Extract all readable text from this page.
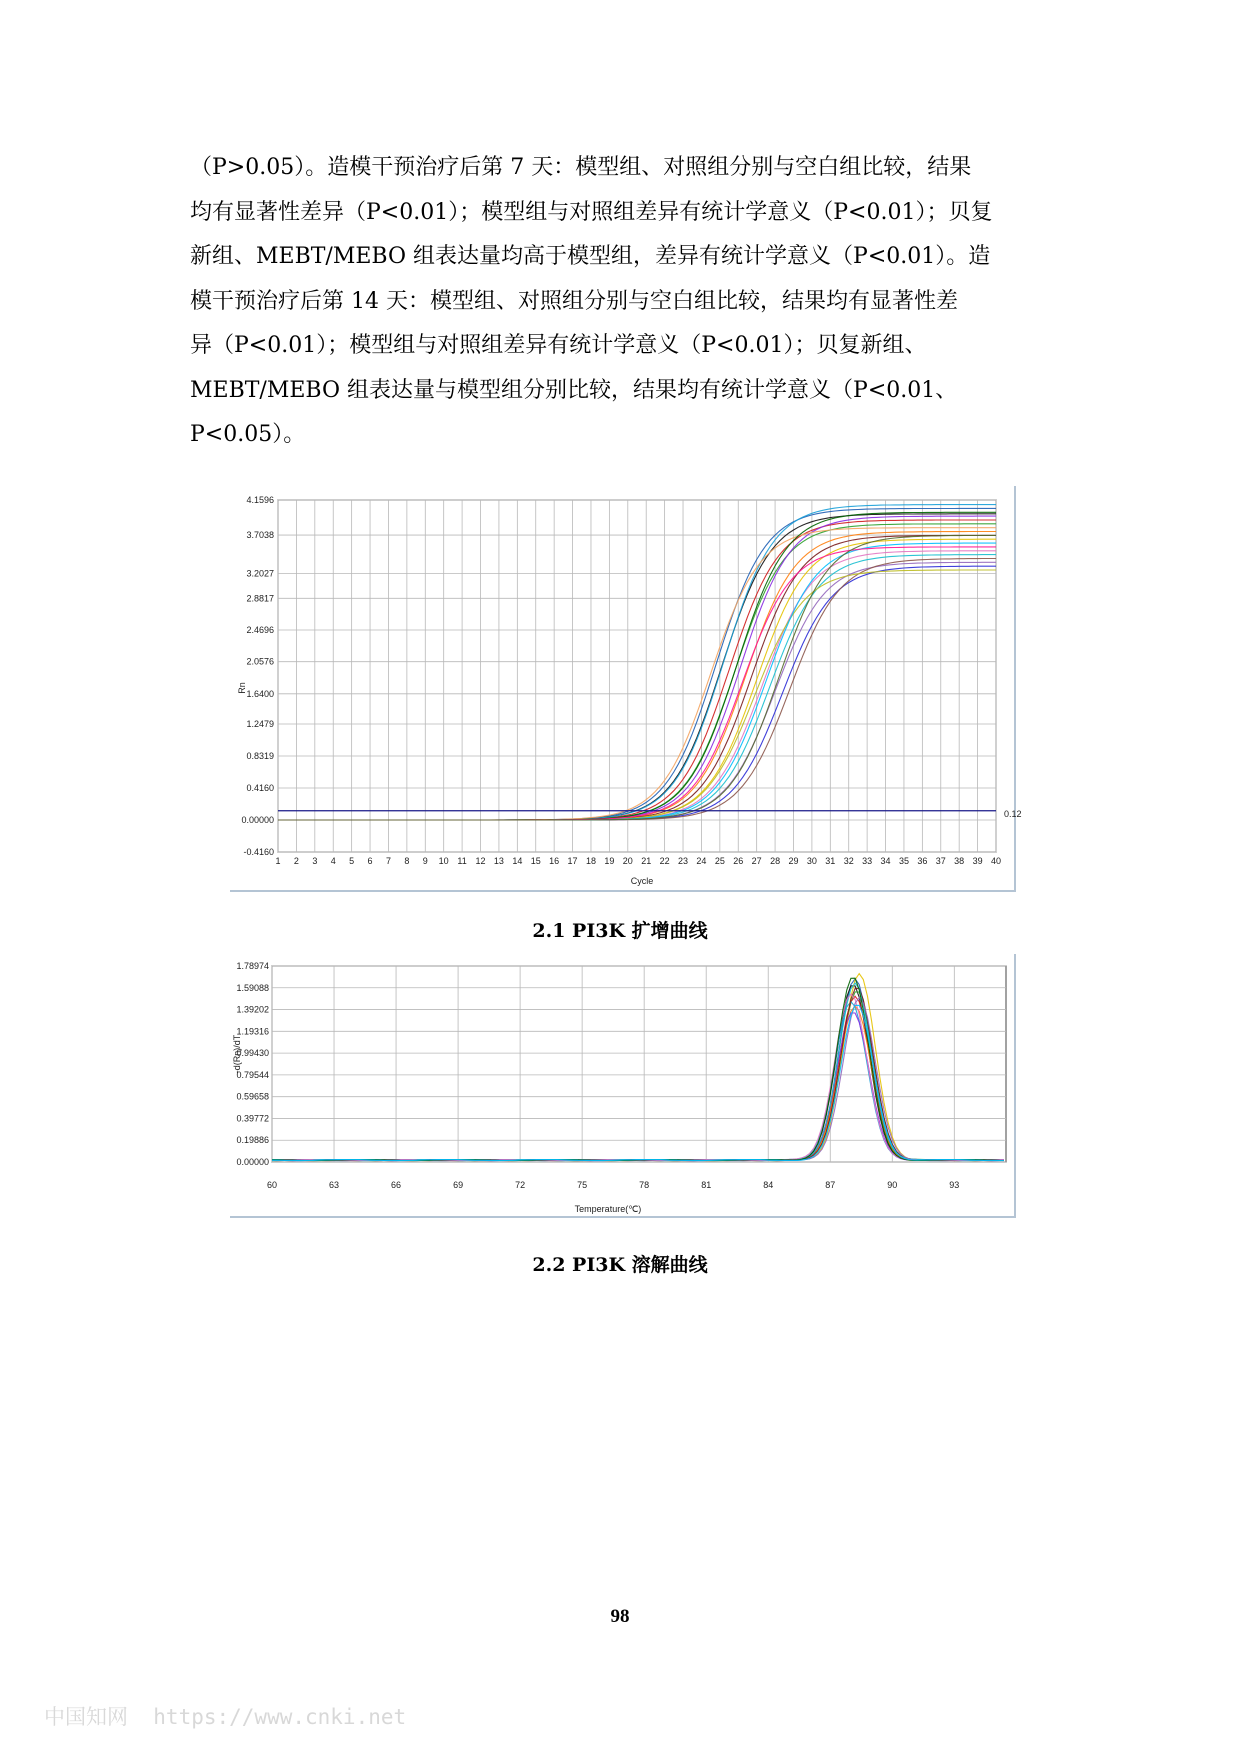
（P>0.05）。造模干预治疗后第 7 天：模型组、对照组分别与空白组比较，结果
均有显著性差异（P<0.01）；模型组与对照组差异有统计学意义（P<0.01）；贝复
新组、MEBT/MEBO 组表达量均高于模型组，差异有统计学意义（P<0.01）。造
模干预治疗后第 14 天：模型组、对照组分别与空白组比较，结果均有显著性差
异（P<0.01）；模型组与对照组差异有统计学意义（P<0.01）；贝复新组、
MEBT/MEBO 组表达量与模型组分别比较，结果均有统计学意义（P<0.01、
P<0.05）。

1 2 3 4 5 6 7 8 9 10 11 12 13 14 15 16 17 18 19 20 21 22 23 24 25 26 27 28 29 30 31 32 33 34 35 36 37 38 39 40
-0.4160
0.00000
0.4160
0.8319
1.2479
1.6400
2.0576
2.4696
2.8817
3.2027
3.7038
4.1596
Rn
Cycle
0.12
2.1 PI3K 扩增曲线
60	63	66	69	72	75	78	81	84	87	90	93
0.00000
0.19886
0.39772
0.59658
0.79544
0.99430
1.19316
1.39202
1.59088
1.78974
-d(Rn)/dT
Temperature(℃)
2.2 PI3K 溶解曲线
98
中国知网  https://www.cnki.net
